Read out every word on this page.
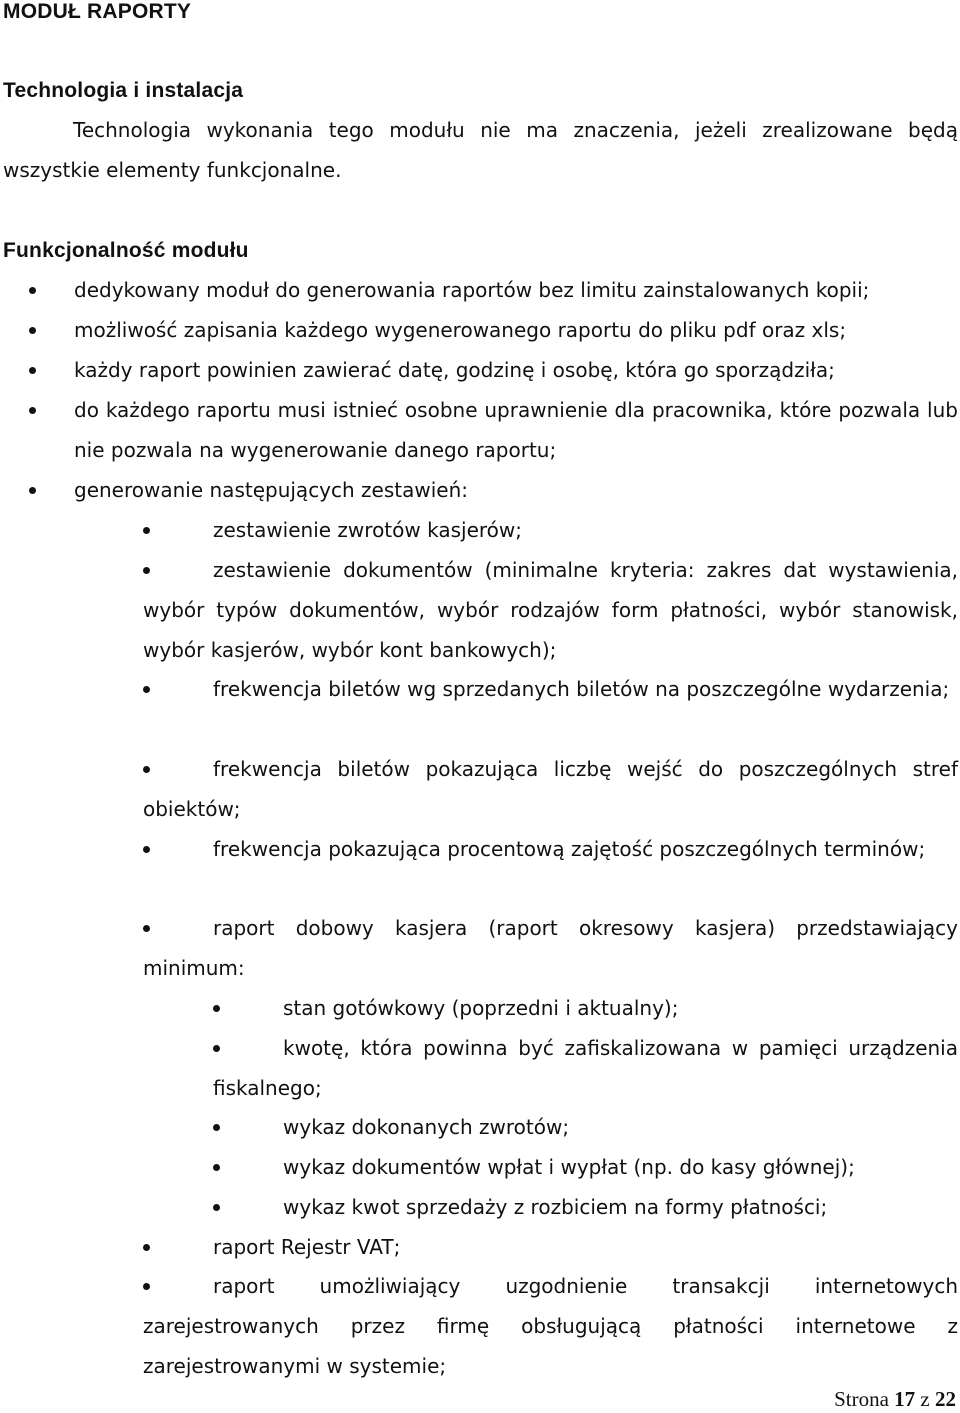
MODUŁ RAPORTY
Technologia i instalacja

Technologia wykonania tego modułu nie ma znaczenia, jeżeli zrealizowane będą wszystkie elementy funkcjonalne.

Funkcjonalność modułu
dedykowany moduł do generowania raportów bez limitu zainstalowanych kopii;
możliwość zapisania każdego wygenerowanego raportu do pliku pdf oraz xls;
każdy raport powinien zawierać datę, godzinę i osobę, która go sporządziła;
do każdego raportu musi istnieć osobne uprawnienie dla pracownika, które pozwala lub nie pozwala na wygenerowanie danego raportu;
generowanie następujących zestawień:
zestawienie zwrotów kasjerów;
zestawienie dokumentów (minimalne kryteria: zakres dat wystawienia, wybór typów dokumentów, wybór rodzajów form płatności, wybór stanowisk, wybór kasjerów, wybór kont bankowych);
frekwencja biletów wg sprzedanych biletów na poszczególne wydarzenia;
frekwencja biletów pokazująca liczbę wejść do poszczególnych stref obiektów;
frekwencja pokazująca procentową zajętość poszczególnych terminów;
raport dobowy kasjera (raport okresowy kasjera) przedstawiający minimum:
stan gotówkowy (poprzedni i aktualny);
kwotę, która powinna być zafiskalizowana w pamięci urządzenia fiskalnego;
wykaz dokonanych zwrotów;
wykaz dokumentów wpłat i wypłat (np. do kasy głównej);
wykaz kwot sprzedaży z rozbiciem na formy płatności;
raport Rejestr VAT;
raport umożliwiający uzgodnienie transakcji internetowych zarejestrowanych przez firmę obsługującą płatności internetowe z zarejestrowanymi w systemie;

Strona 17 z 22
